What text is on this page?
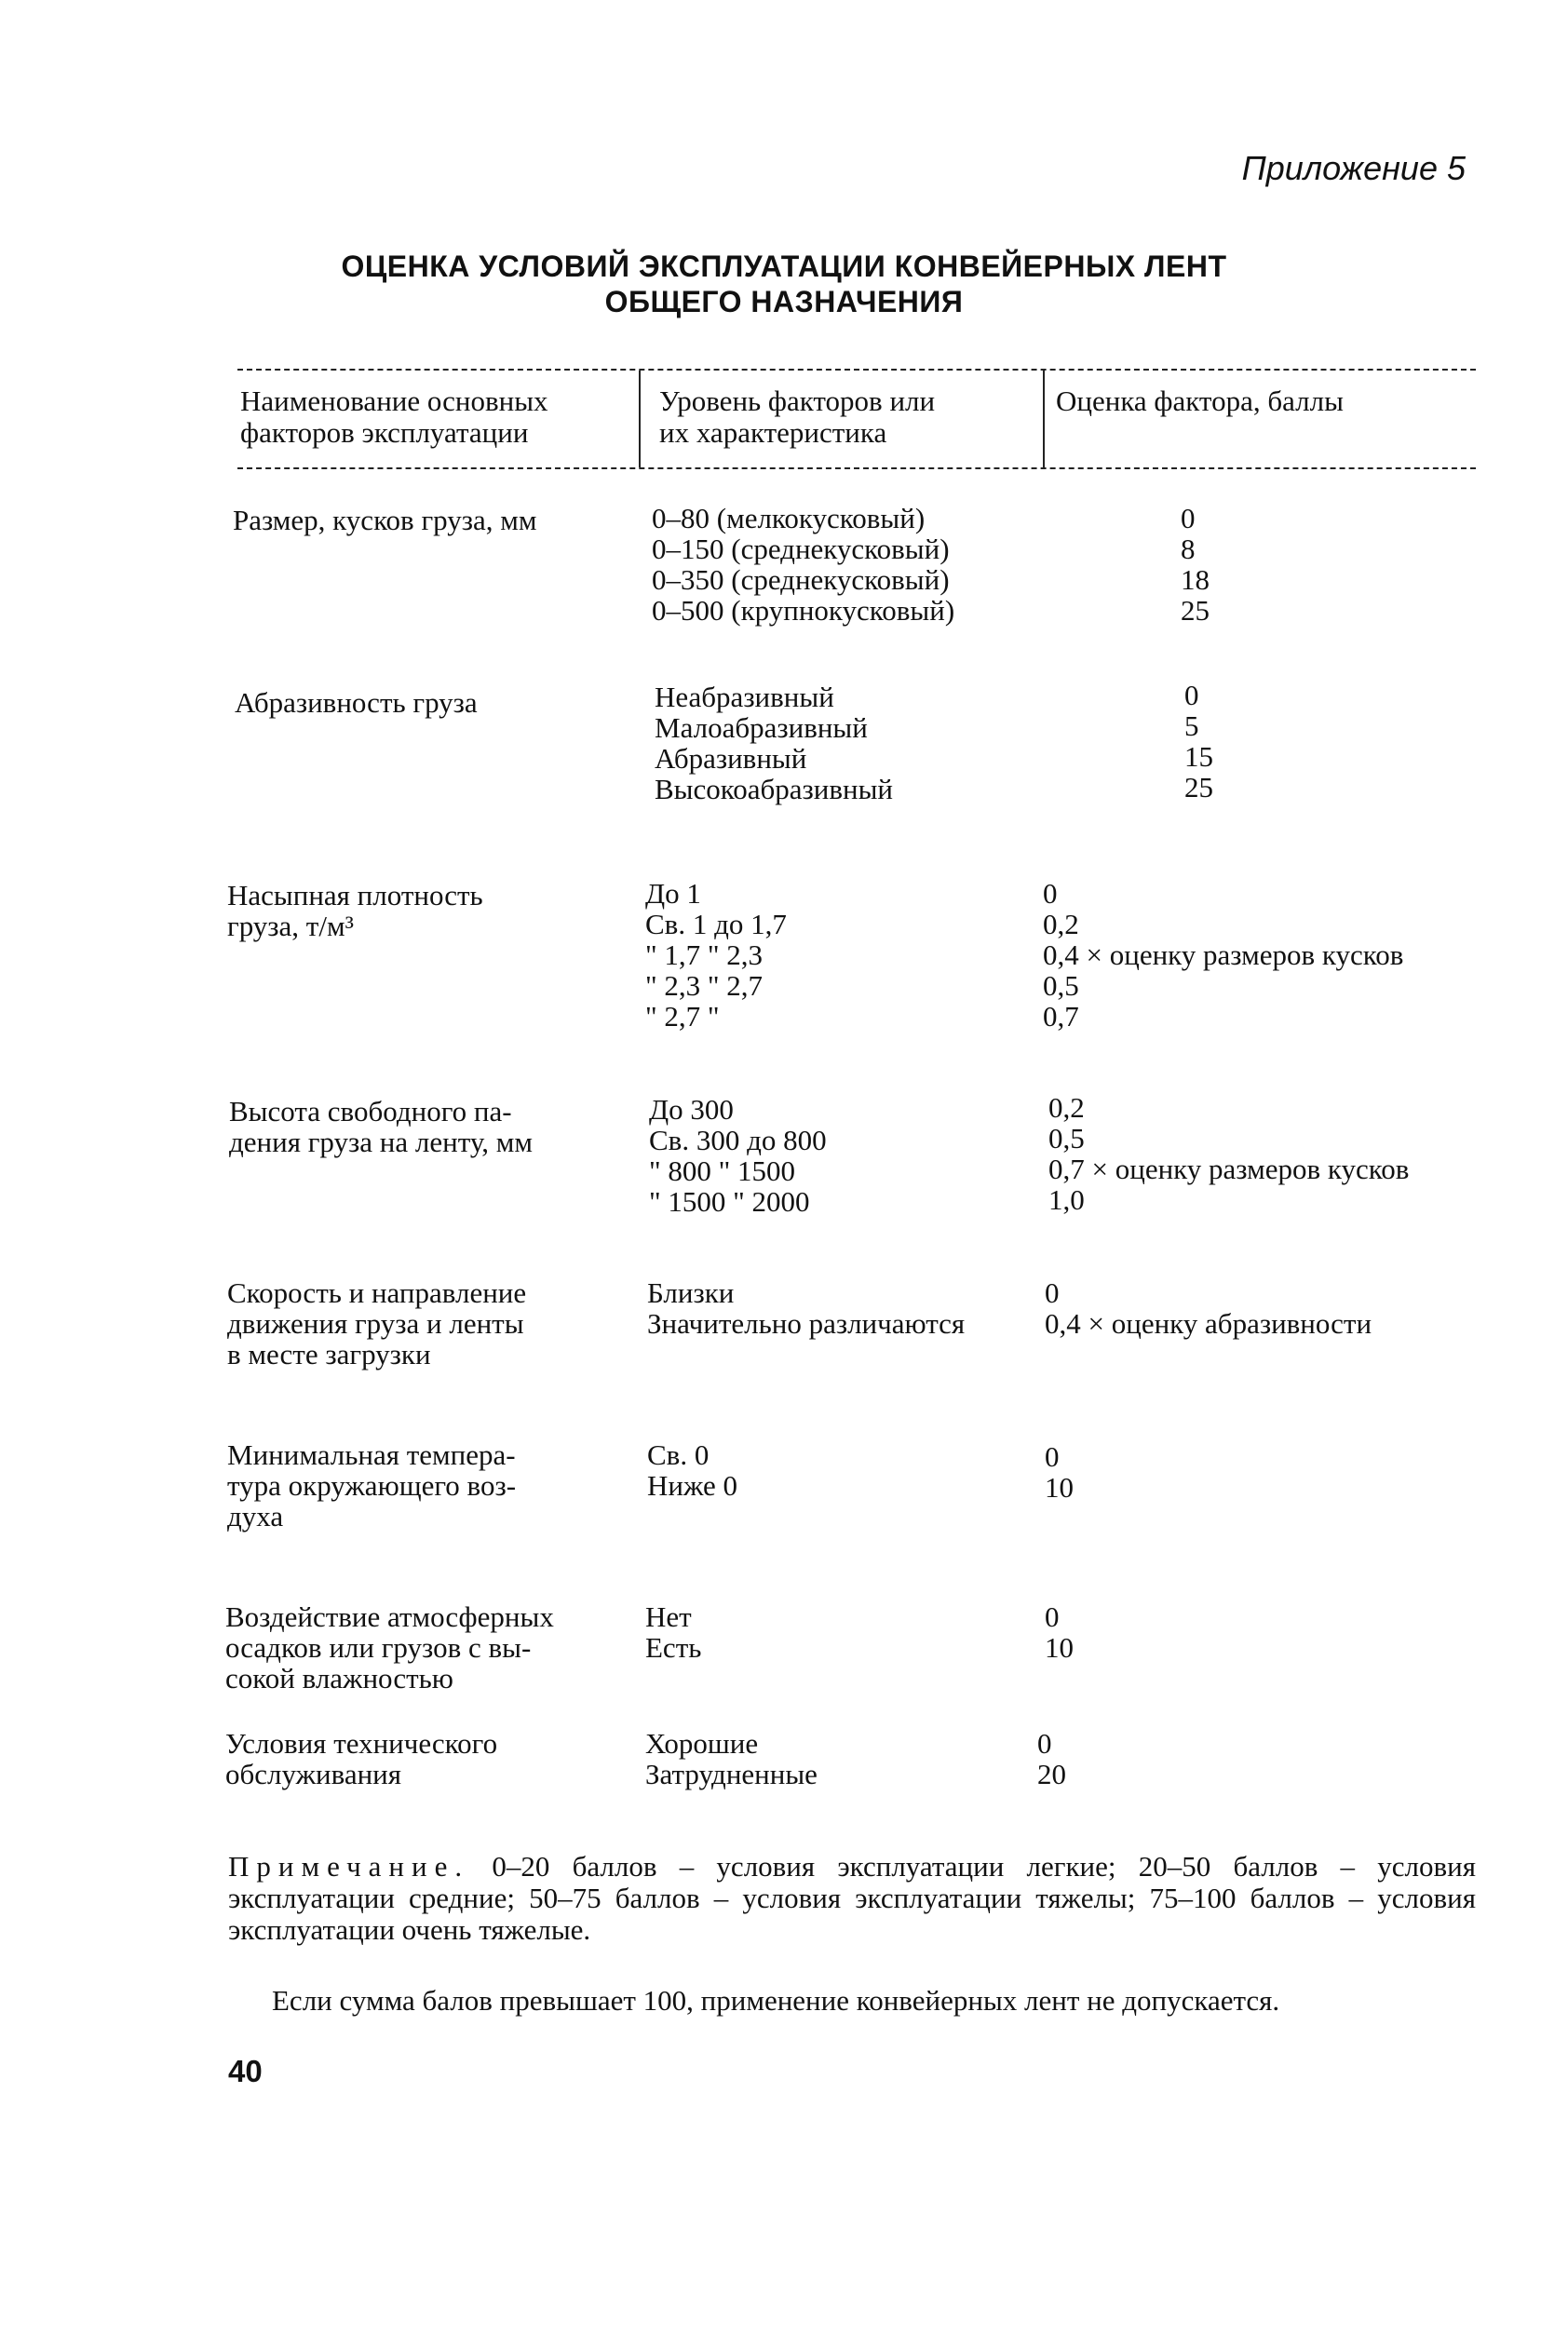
Приложение 5
ОЦЕНКА УСЛОВИЙ ЭКСПЛУАТАЦИИ КОНВЕЙЕРНЫХ ЛЕНТ
ОБЩЕГО НАЗНАЧЕНИЯ
Наименование основных
факторов эксплуатации
Уровень факторов или
их характеристика
Оценка фактора, баллы
Размер, кусков груза, мм	0–80 (мелкокусковый)
0–150 (среднекусковый)
0–350 (среднекусковый)
0–500 (крупнокусковый)
0
8
18
25
Абразивность груза	Неабразивный
Малоабразивный
Абразивный
Высокоабразивный
0
5
15
25
Насыпная плотность
груза, т/м³
До 1
Св. 1 до 1,7
" 1,7 " 2,3
" 2,3 " 2,7
" 2,7 "
0
0,2
0,4 × оценку размеров кусков
0,5
0,7
Высота свободного па-
дения груза на ленту, мм
До 300
Св. 300 до 800
" 800 " 1500
" 1500 " 2000
0,2
0,5
0,7 × оценку размеров кусков
1,0
Скорость и направление
движения груза и ленты
в месте загрузки
Близки
Значительно различаются
0
0,4 × оценку абразивности
Минимальная темпера-
тура окружающего воз-
духа
Св. 0
Ниже 0
0
10
Воздействие атмосферных
осадков или грузов с вы-
сокой влажностью
Нет
Есть
0
10
Условия технического
обслуживания
Хорошие
Затрудненные
0
20
Примечание. 0–20 баллов – условия эксплуатации легкие; 20–50 баллов – условия эксплуатации средние; 50–75 баллов – условия эксплуатации тяжелы; 75–100 баллов – условия эксплуатации очень тяжелые.
Если сумма балов превышает 100, применение конвейерных лент не допускается.
40
